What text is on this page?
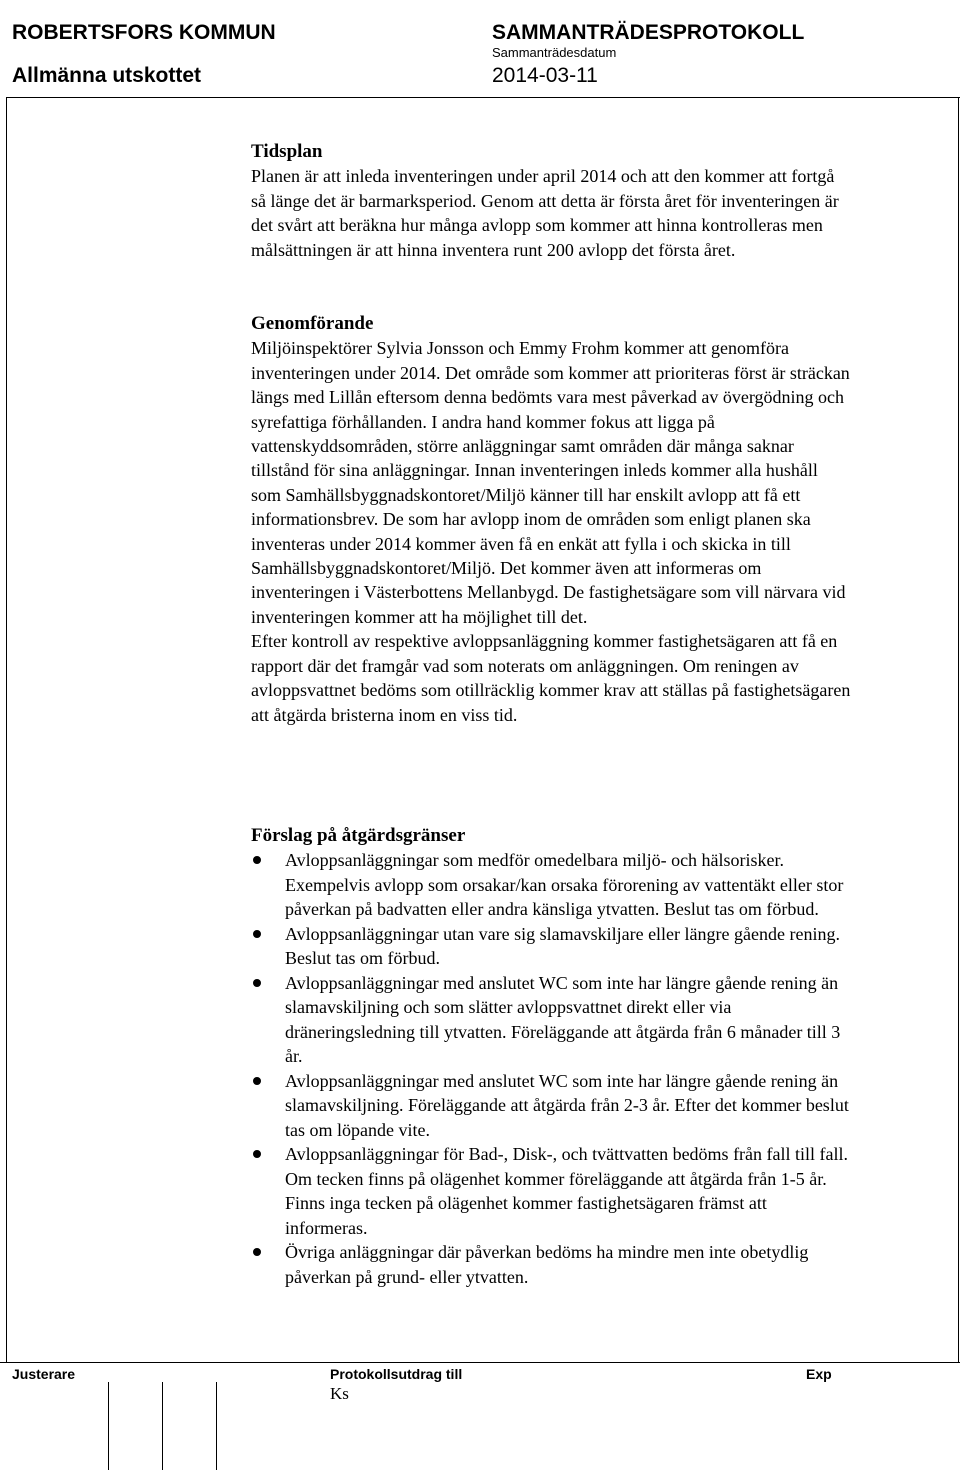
ROBERTSFORS KOMMUN
Allmänna utskottet
SAMMANTRÄDESPROTOKOLL
Sammanträdesdatum
2014-03-11
Tidsplan

Planen är att inleda inventeringen under april 2014 och att den kommer att fortgå så länge det är barmarksperiod. Genom att detta är första året för inventeringen är det svårt att beräkna hur många avlopp som kommer att hinna kontrolleras men målsättningen är att hinna inventera runt 200 avlopp det första året.

Genomförande

Miljöinspektörer Sylvia Jonsson och Emmy Frohm kommer att genomföra inventeringen under 2014. Det område som kommer att prioriteras först är sträckan längs med Lillån eftersom denna bedömts vara mest påverkad av övergödning och syrefattiga förhållanden. I andra hand kommer fokus att ligga på vattenskyddsområden, större anläggningar samt områden där många saknar tillstånd för sina anläggningar. Innan inventeringen inleds kommer alla hushåll som Samhällsbyggnadskontoret/Miljö känner till har enskilt avlopp att få ett informationsbrev. De som har avlopp inom de områden som enligt planen ska inventeras under 2014 kommer även få en enkät att fylla i och skicka in till Samhällsbyggnadskontoret/Miljö. Det kommer även att informeras om inventeringen i Västerbottens Mellanbygd. De fastighetsägare som vill närvara vid inventeringen kommer att ha möjlighet till det.

Efter kontroll av respektive avloppsanläggning kommer fastighetsägaren att få en rapport där det framgår vad som noterats om anläggningen. Om reningen av avloppsvattnet bedöms som otillräcklig kommer krav att ställas på fastighetsägaren att åtgärda bristerna inom en viss tid.

Förslag på åtgärdsgränser
Avloppsanläggningar som medför omedelbara miljö- och hälsorisker. Exempelvis avlopp som orsakar/kan orsaka förorening av vattentäkt eller stor påverkan på badvatten eller andra känsliga ytvatten. Beslut tas om förbud.
Avloppsanläggningar utan vare sig slamavskiljare eller längre gående rening. Beslut tas om förbud.
Avloppsanläggningar med anslutet WC som inte har längre gående rening än slamavskiljning och som slätter avloppsvattnet direkt eller via dräneringsledning till ytvatten. Föreläggande att åtgärda från 6 månader till 3 år.
Avloppsanläggningar med anslutet WC som inte har längre gående rening än slamavskiljning. Föreläggande att åtgärda från 2-3 år. Efter det kommer beslut tas om löpande vite.
Avloppsanläggningar för Bad-, Disk-, och tvättvatten bedöms från fall till fall. Om tecken finns på olägenhet kommer föreläggande att åtgärda från 1-5 år. Finns inga tecken på olägenhet kommer fastighetsägaren främst att informeras.
Övriga anläggningar där påverkan bedöms ha mindre men inte obetydlig påverkan på grund- eller ytvatten.
Justerare	Protokollsutdrag till
Ks
Exp
